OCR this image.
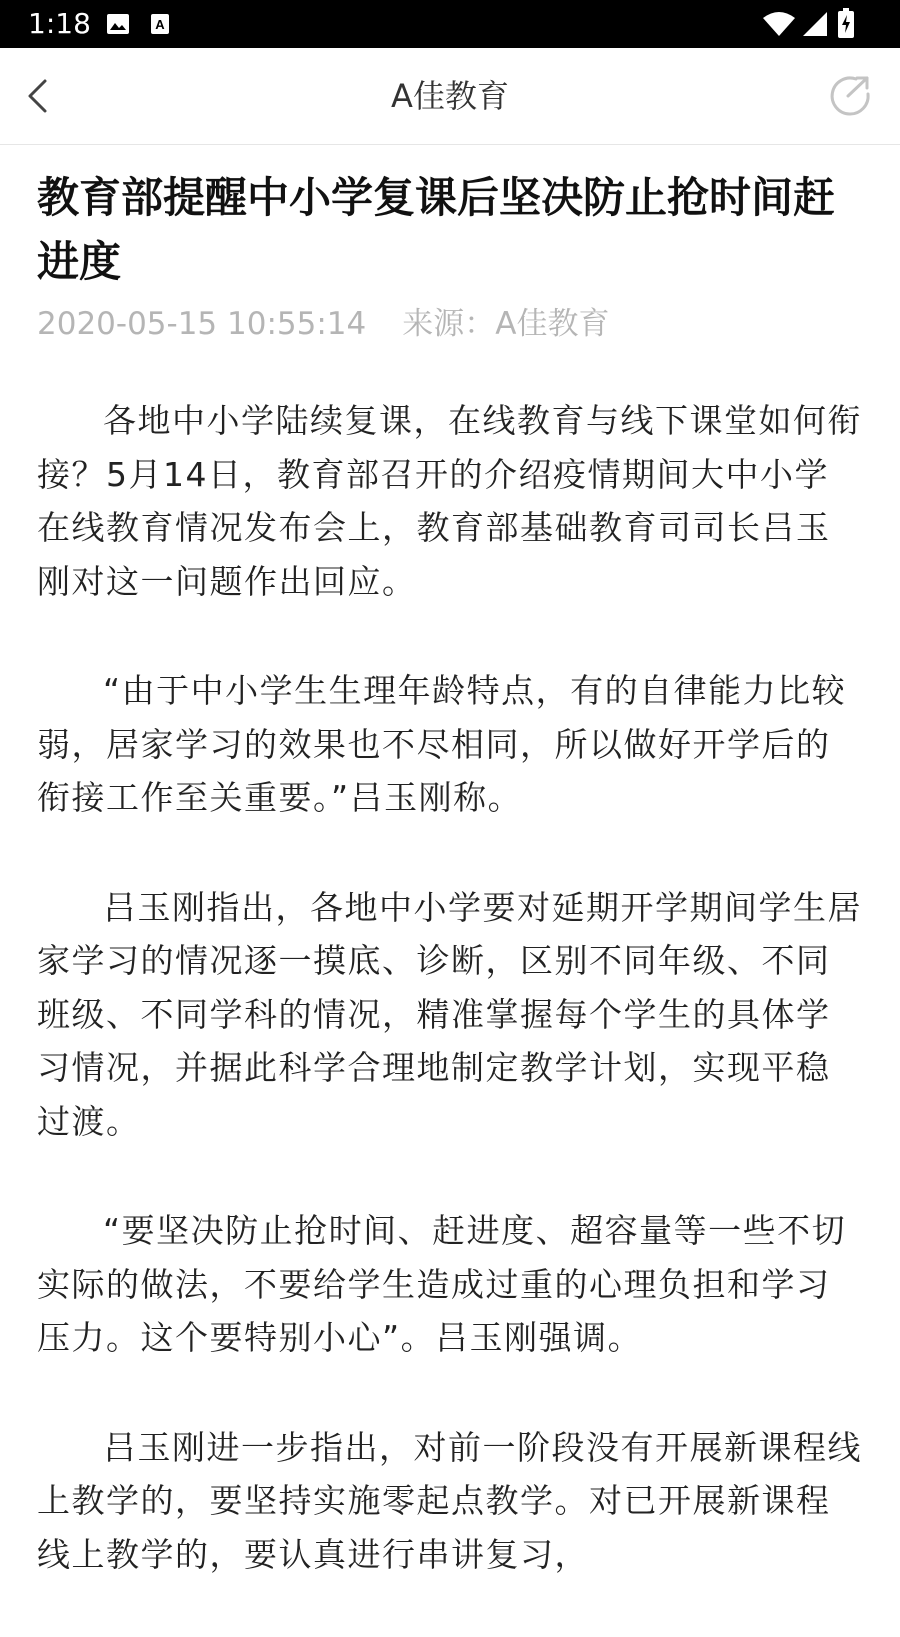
1:18	A
A佳教育
教育部提醒中小学复课后坚决防止抢时间赶进度
2020-05-15 10:55:14 来源：A佳教育

各地中小学陆续复课，在线教育与线下课堂如何衔接？5月14日，教育部召开的介绍疫情期间大中小学在线教育情况发布会上，教育部基础教育司司长吕玉刚对这一问题作出回应。

“由于中小学生生理年龄特点，有的自律能力比较弱，居家学习的效果也不尽相同，所以做好开学后的衔接工作至关重要。”吕玉刚称。

吕玉刚指出，各地中小学要对延期开学期间学生居家学习的情况逐一摸底、诊断，区别不同年级、不同班级、不同学科的情况，精准掌握每个学生的具体学习情况，并据此科学合理地制定教学计划，实现平稳过渡。

“要坚决防止抢时间、赶进度、超容量等一些不切实际的做法，不要给学生造成过重的心理负担和学习压力。这个要特别小心”。吕玉刚强调。

吕玉刚进一步指出，对前一阶段没有开展新课程线上教学的，要坚持实施零起点教学。对已开展新课程线上教学的，要认真进行串讲复习，
